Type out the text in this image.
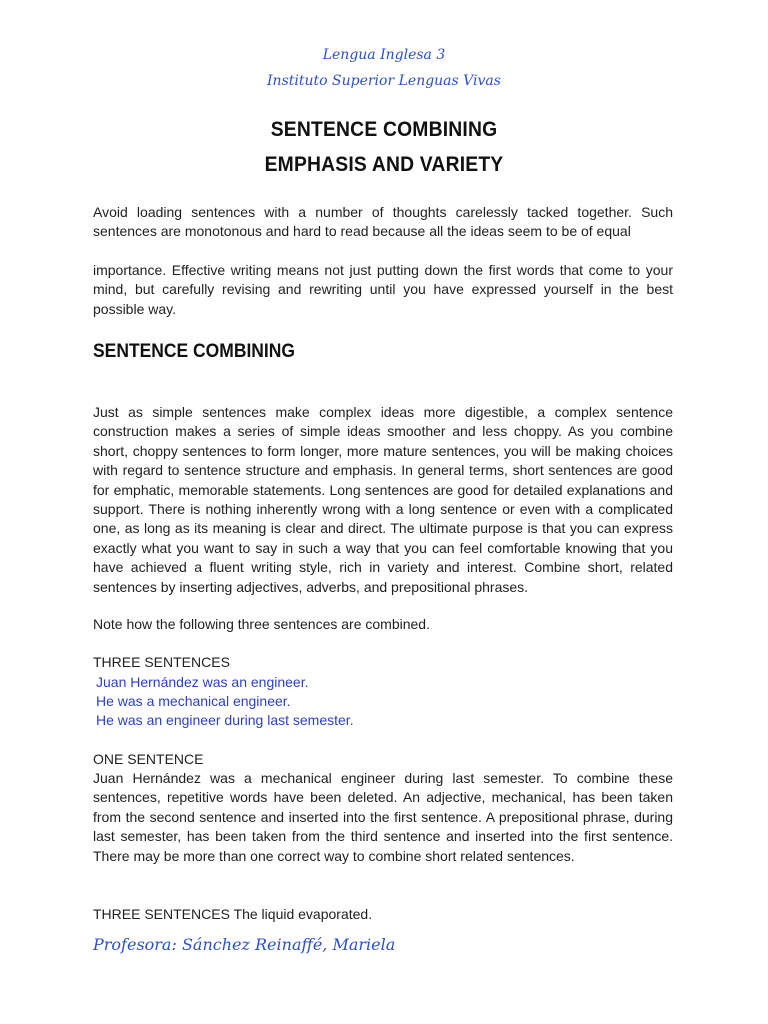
Lengua Inglesa 3
Instituto Superior Lenguas Vivas
SENTENCE COMBINING
EMPHASIS AND VARIETY
Avoid loading sentences with a number of thoughts carelessly tacked together. Such sentences are monotonous and hard to read because all the ideas seem to be of equal
importance. Effective writing means not just putting down the first words that come to your mind, but carefully revising and rewriting until you have expressed yourself in the best possible way.
SENTENCE COMBINING
Just as simple sentences make complex ideas more digestible, a complex sentence construction makes a series of simple ideas smoother and less choppy. As you combine short, choppy sentences to form longer, more mature sentences, you will be making choices with regard to sentence structure and emphasis. In general terms, short sentences are good for emphatic, memorable statements. Long sentences are good for detailed explanations and support. There is nothing inherently wrong with a long sentence or even with a complicated one, as long as its meaning is clear and direct. The ultimate purpose is that you can express exactly what you want to say in such a way that you can feel comfortable knowing that you have achieved a fluent writing style, rich in variety and interest. Combine short, related sentences by inserting adjectives, adverbs, and prepositional phrases.
Note how the following three sentences are combined.
THREE SENTENCES
Juan Hernández was an engineer.
He was a mechanical engineer.
He was an engineer during last semester.
ONE SENTENCE
Juan Hernández was a mechanical engineer during last semester. To combine these sentences, repetitive words have been deleted. An adjective, mechanical, has been taken from the second sentence and inserted into the first sentence. A prepositional phrase, during last semester, has been taken from the third sentence and inserted into the first sentence. There may be more than one correct way to combine short related sentences.
THREE SENTENCES The liquid evaporated.
Profesora: Sánchez Reinaffé, Mariela
